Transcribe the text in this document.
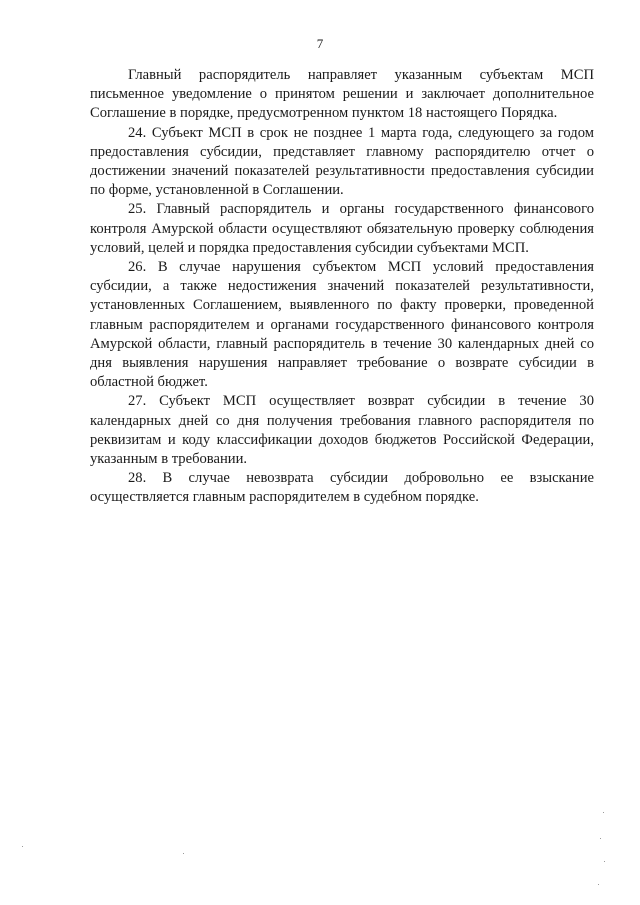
7

Главный распорядитель направляет указанным субъектам МСП письменное уведомление о принятом решении и заключает дополнительное Соглашение в порядке, предусмотренном пунктом 18 настоящего Порядка.

24. Субъект МСП в срок не позднее 1 марта года, следующего за годом предоставления субсидии, представляет главному распорядителю отчет о достижении значений показателей результативности предоставления субсидии по форме, установленной в Соглашении.

25. Главный распорядитель и органы государственного финансового контроля Амурской области осуществляют обязательную проверку соблюдения условий, целей и порядка предоставления субсидии субъектами МСП.

26. В случае нарушения субъектом МСП условий предоставления субсидии, а также недостижения значений показателей результативности, установленных Соглашением, выявленного по факту проверки, проведенной главным распорядителем и органами государственного финансового контроля Амурской области, главный распорядитель в течение 30 календарных дней со дня выявления нарушения направляет требование о возврате субсидии в областной бюджет.

27. Субъект МСП осуществляет возврат субсидии в течение 30 календарных дней со дня получения требования главного распорядителя по реквизитам и коду классификации доходов бюджетов Российской Федерации, указанным в требовании.

28. В случае невозврата субсидии добровольно ее взыскание осуществляется главным распорядителем в судебном порядке.
